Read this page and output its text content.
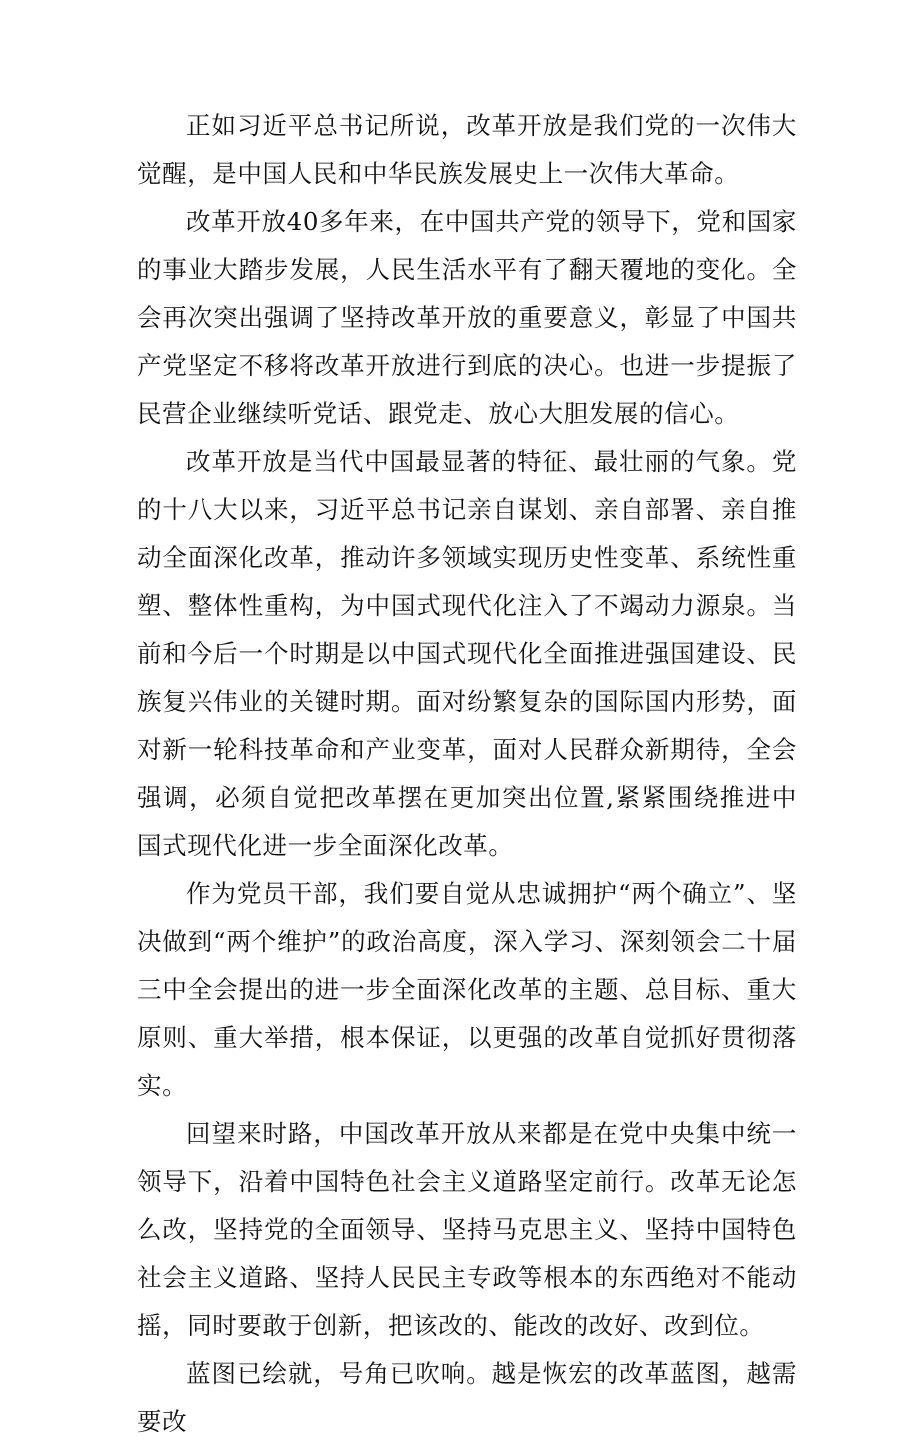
正如习近平总书记所说，改革开放是我们党的一次伟大觉醒，是中国人民和中华民族发展史上一次伟大革命。

改革开放40多年来，在中国共产党的领导下，党和国家的事业大踏步发展，人民生活水平有了翻天覆地的变化。全会再次突出强调了坚持改革开放的重要意义，彰显了中国共产党坚定不移将改革开放进行到底的决心。也进一步提振了民营企业继续听党话、跟党走、放心大胆发展的信心。

改革开放是当代中国最显著的特征、最壮丽的气象。党的十八大以来，习近平总书记亲自谋划、亲自部署、亲自推动全面深化改革，推动许多领域实现历史性变革、系统性重塑、整体性重构，为中国式现代化注入了不竭动力源泉。当前和今后一个时期是以中国式现代化全面推进强国建设、民族复兴伟业的关键时期。面对纷繁复杂的国际国内形势，面对新一轮科技革命和产业变革，面对人民群众新期待，全会强调，必须自觉把改革摆在更加突出位置,紧紧围绕推进中国式现代化进一步全面深化改革。

作为党员干部，我们要自觉从忠诚拥护“两个确立”、坚决做到“两个维护”的政治高度，深入学习、深刻领会二十届三中全会提出的进一步全面深化改革的主题、总目标、重大原则、重大举措，根本保证，以更强的改革自觉抓好贯彻落实。

回望来时路，中国改革开放从来都是在党中央集中统一领导下，沿着中国特色社会主义道路坚定前行。改革无论怎么改，坚持党的全面领导、坚持马克思主义、坚持中国特色社会主义道路、坚持人民民主专政等根本的东西绝对不能动摇，同时要敢于创新，把该改的、能改的改好、改到位。

蓝图已绘就，号角已吹响。越是恢宏的改革蓝图，越需要改
